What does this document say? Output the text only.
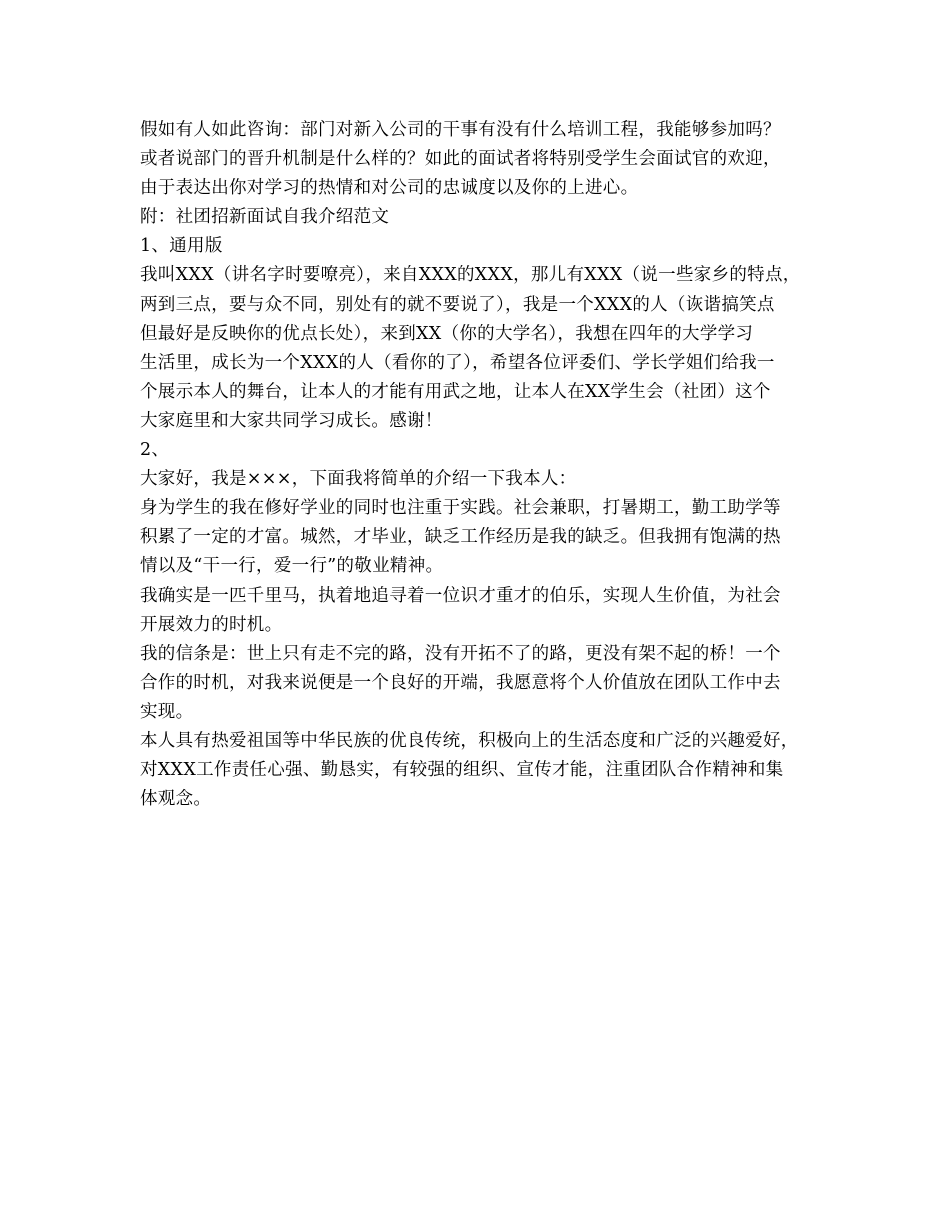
假如有人如此咨询：部门对新入公司的干事有没有什么培训工程，我能够参加吗？
或者说部门的晋升机制是什么样的？如此的面试者将特别受学生会面试官的欢迎，
由于表达出你对学习的热情和对公司的忠诚度以及你的上进心。
附：社团招新面试自我介绍范文
1、通用版
我叫XXX（讲名字时要嘹亮），来自XXX的XXX，那儿有XXX（说一些家乡的特点，
两到三点，要与众不同，别处有的就不要说了），我是一个XXX的人（诙谐搞笑点
但最好是反映你的优点长处），来到XX（你的大学名），我想在四年的大学学习
生活里，成长为一个XXX的人（看你的了），希望各位评委们、学长学姐们给我一
个展示本人的舞台，让本人的才能有用武之地，让本人在XX学生会（社团）这个
大家庭里和大家共同学习成长。感谢！
2、
大家好，我是×××，下面我将简单的介绍一下我本人：
身为学生的我在修好学业的同时也注重于实践。社会兼职，打暑期工，勤工助学等
积累了一定的才富。城然，才毕业，缺乏工作经历是我的缺乏。但我拥有饱满的热
情以及“干一行，爱一行”的敬业精神。
我确实是一匹千里马，执着地追寻着一位识才重才的伯乐，实现人生价值，为社会
开展效力的时机。
我的信条是：世上只有走不完的路，没有开拓不了的路，更没有架不起的桥！一个
合作的时机，对我来说便是一个良好的开端，我愿意将个人价值放在团队工作中去
实现。
本人具有热爱祖国等中华民族的优良传统，积极向上的生活态度和广泛的兴趣爱好，
对XXX工作责任心强、勤恳实，有较强的组织、宣传才能，注重团队合作精神和集
体观念。
